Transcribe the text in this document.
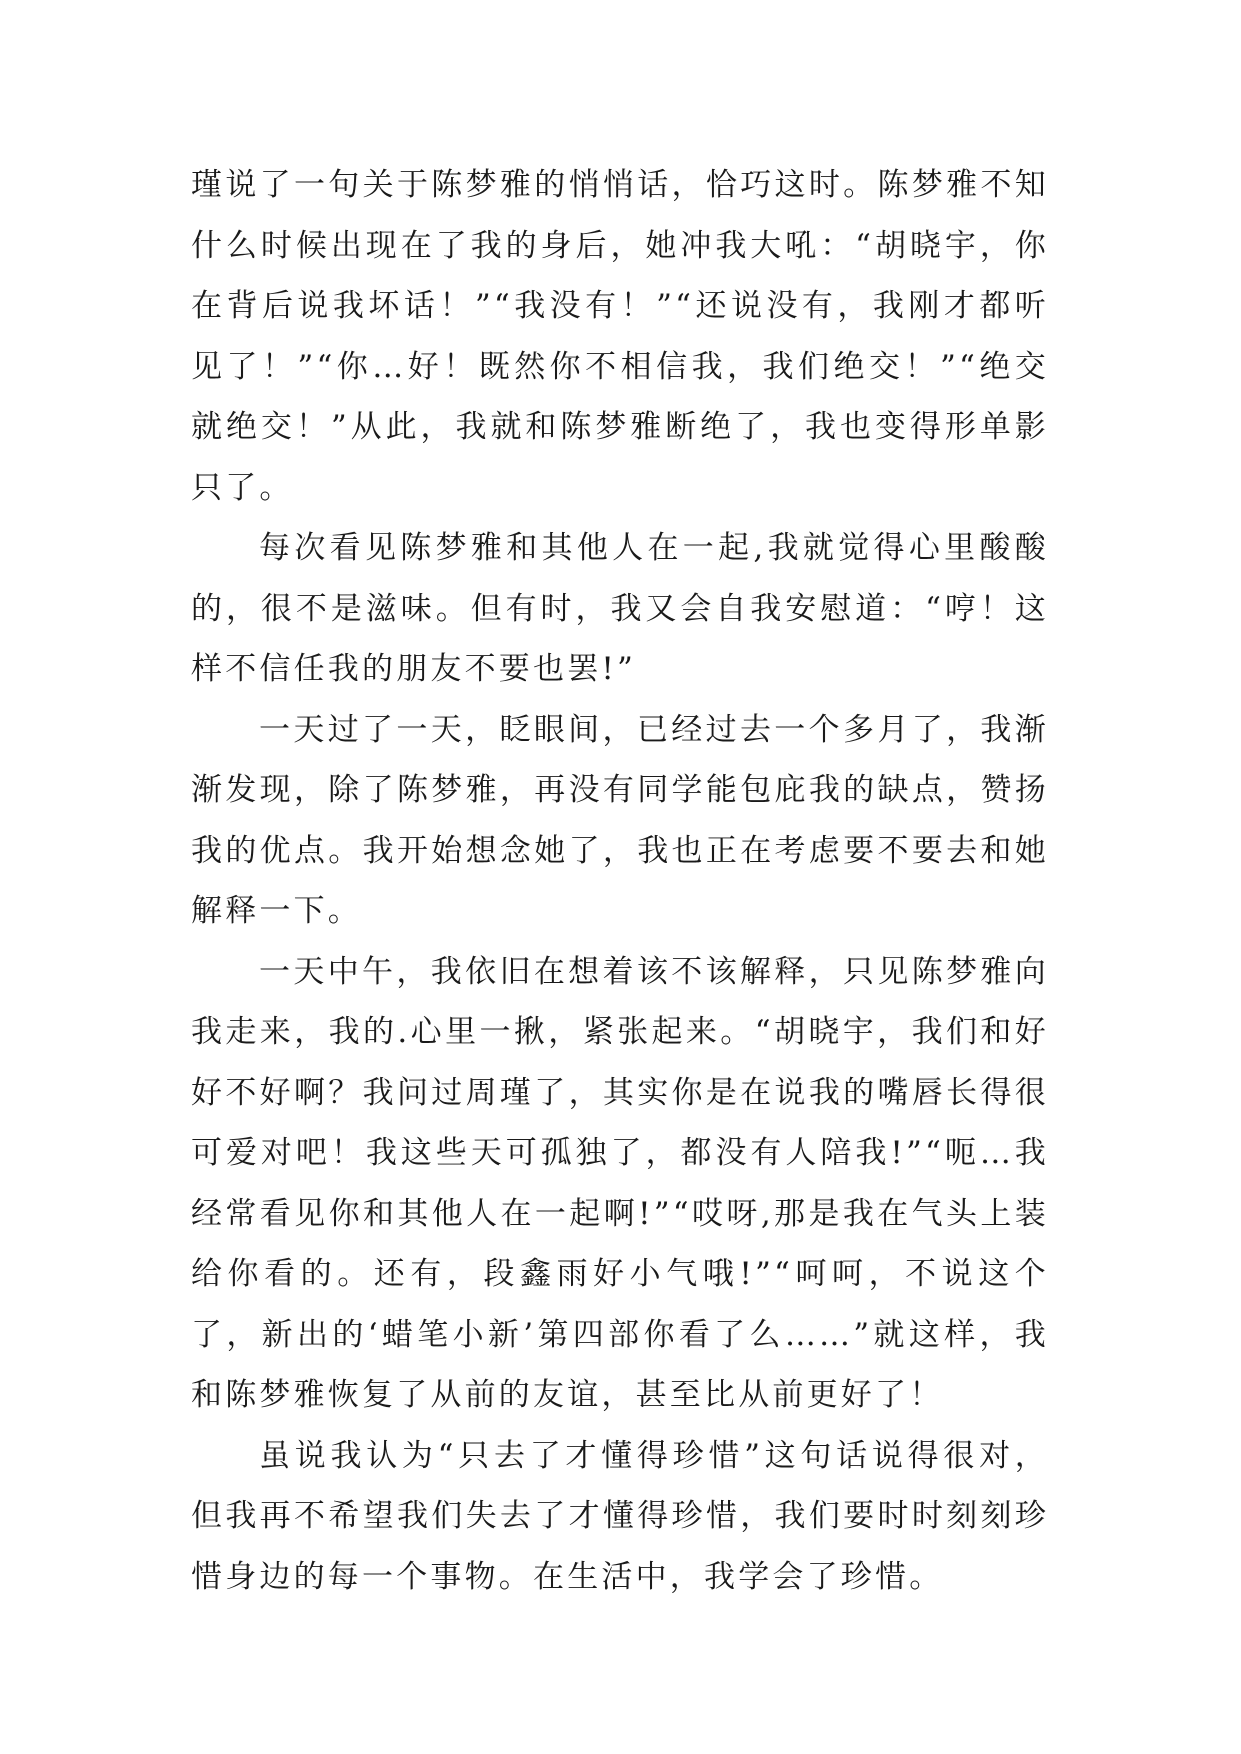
瑾说了一句关于陈梦雅的悄悄话，恰巧这时。陈梦雅不知什么时候出现在了我的身后，她冲我大吼：“胡晓宇，你在背后说我坏话！”“我没有！”“还说没有，我刚才都听见了！”“你…好！既然你不相信我，我们绝交！”“绝交就绝交！”从此，我就和陈梦雅断绝了，我也变得形单影只了。

每次看见陈梦雅和其他人在一起,我就觉得心里酸酸的，很不是滋味。但有时，我又会自我安慰道：“哼！这样不信任我的朋友不要也罢!”

一天过了一天，眨眼间，已经过去一个多月了，我渐渐发现，除了陈梦雅，再没有同学能包庇我的缺点，赞扬我的优点。我开始想念她了，我也正在考虑要不要去和她解释一下。

一天中午，我依旧在想着该不该解释，只见陈梦雅向我走来，我的.心里一揪，紧张起来。“胡晓宇，我们和好好不好啊？我问过周瑾了，其实你是在说我的嘴唇长得很可爱对吧！我这些天可孤独了，都没有人陪我!”“呃…我经常看见你和其他人在一起啊!”“哎呀,那是我在气头上装给你看的。还有，段鑫雨好小气哦!”“呵呵，不说这个了，新出的‘蜡笔小新’第四部你看了么……”就这样，我和陈梦雅恢复了从前的友谊，甚至比从前更好了！

虽说我认为“只去了才懂得珍惜”这句话说得很对，但我再不希望我们失去了才懂得珍惜，我们要时时刻刻珍惜身边的每一个事物。在生活中，我学会了珍惜。
